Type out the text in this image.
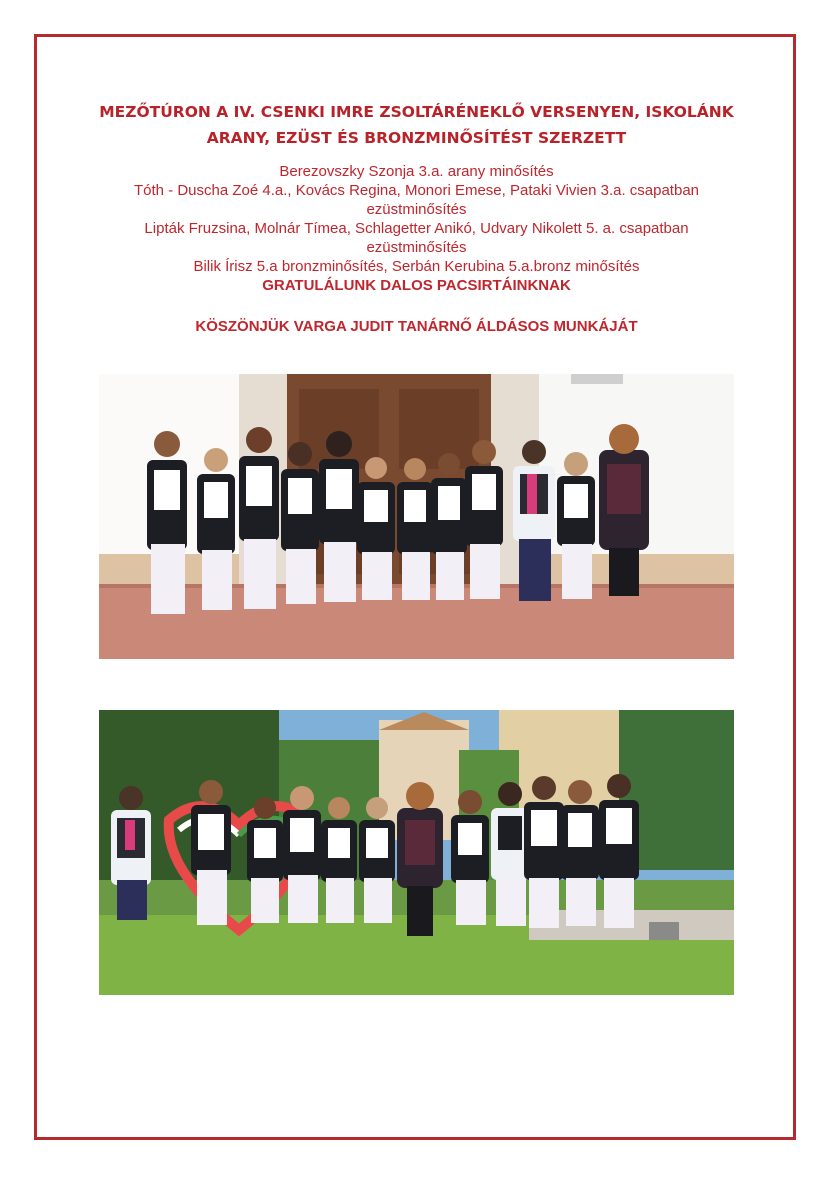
MEZŐTÚRON A IV. CSENKI IMRE ZSOLTÁRÉNEKLŐ VERSENYEN, ISKOLÁNK
ARANY, EZÜST ÉS BRONZMINŐSÍTÉST SZERZETT
Berezovszky Szonja 3.a. arany minősítés
Tóth - Duscha Zoé 4.a., Kovács Regina, Monori Emese, Pataki Vivien 3.a. csapatban
ezüstminősítés
Lipták Fruzsina, Molnár Tímea, Schlagetter Anikó, Udvary Nikolett 5. a. csapatban
ezüstminősítés
Bilik Írisz 5.a bronzminősítés, Serbán Kerubina 5.a.bronz minősítés
GRATULÁLUNK DALOS PACSIRTÁINKNAK
KÖSZÖNJÜK VARGA JUDIT TANÁRNŐ ÁLDÁSOS MUNKÁJÁT
